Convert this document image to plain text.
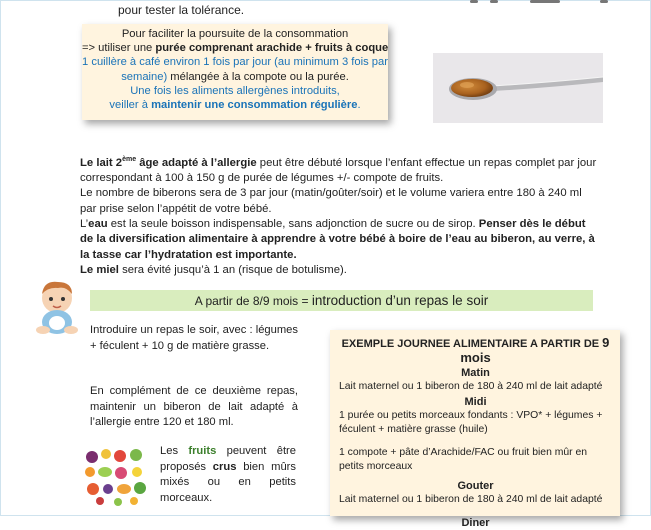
pour tester la tolérance.
Pour faciliter la poursuite de la consommation
=> utiliser une purée comprenant arachide + fruits à coque
1 cuillère à café environ 1 fois par jour (au minimum 3 fois par
semaine) mélangée à la compote ou la purée.
Une fois les aliments allergènes introduits,
veiller à maintenir une consommation régulière.

Le lait 2ème âge adapté à l’allergie peut être débuté lorsque l’enfant effectue un repas complet par jour correspondant à 100 à 150 g de purée de légumes +/- compote de fruits.

Le nombre de biberons sera de 3 par jour (matin/goûter/soir) et le volume variera entre 180 à 240 ml par prise selon l’appétit de votre bébé.

L’eau est la seule boisson indispensable, sans adjonction de sucre ou de sirop. Penser dès le début de la diversification alimentaire à apprendre à votre bébé à boire de l’eau au biberon, au verre, à la tasse car l’hydratation est importante.

Le miel sera évité jusqu’à 1 an (risque de botulisme).

A partir de 8/9 mois = introduction d’un repas le soir
Introduire un repas le soir, avec : légumes + féculent + 10 g de matière grasse.
En complément de ce deuxième repas, maintenir un biberon de lait adapté à l’allergie entre 120 et 180 ml.
Les fruits peuvent être proposés crus bien mûrs mixés ou en petits morceaux.
EXEMPLE JOURNEE ALIMENTAIRE A PARTIR DE 9 mois
Matin

Lait maternel ou 1 biberon de 180 à 240 ml de lait adapté

Midi

1 purée ou petits morceaux fondants : VPO* + légumes + féculent + matière grasse (huile)

1 compote + pâte d’Arachide/FAC ou fruit bien mûr en petits morceaux

Gouter

Lait maternel ou 1 biberon de 180 à 240 ml de lait adapté

Diner
